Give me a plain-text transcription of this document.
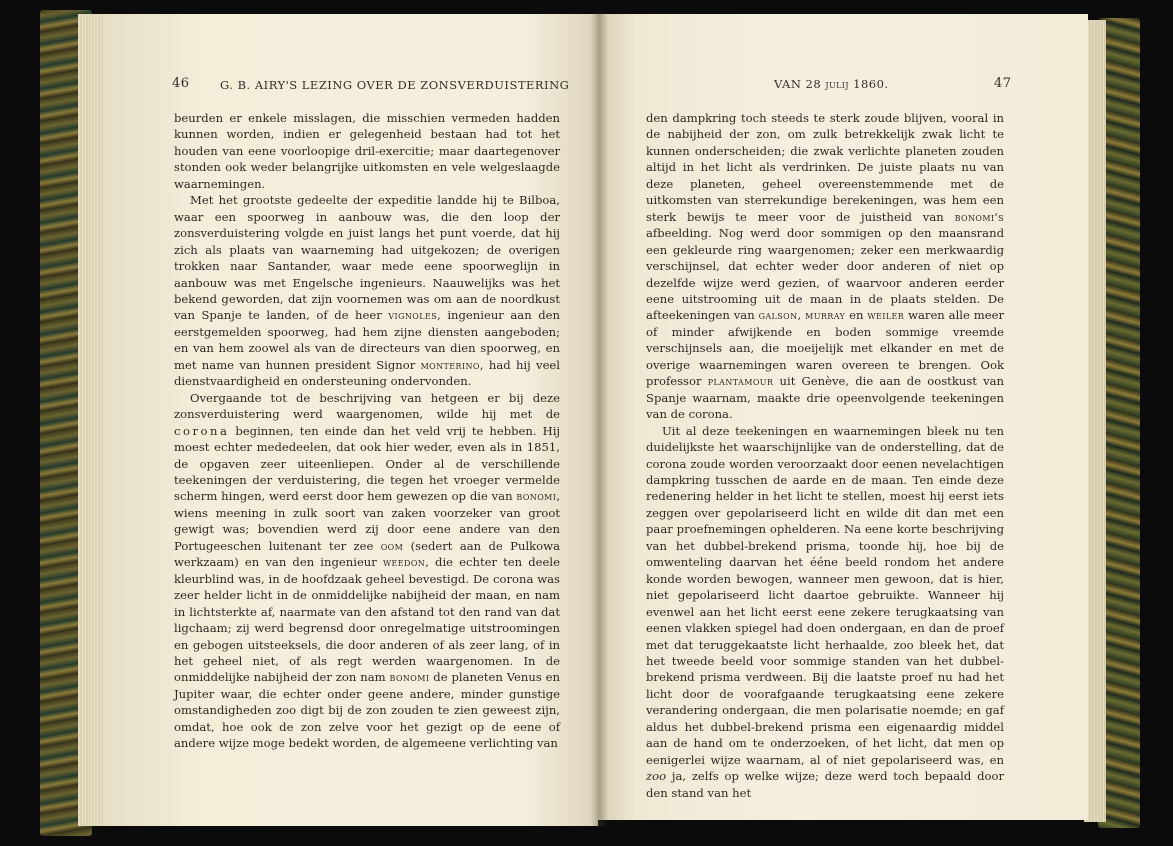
46	G. B. AIRY'S LEZING OVER DE ZONSVERDUISTERING

beurden er enkele misslagen, die misschien vermeden hadden kunnen worden, indien er gelegenheid bestaan had tot het houden van eene voorloopige dril-exercitie; maar daartegenover stonden ook weder belangrijke uitkomsten en vele welgeslaagde waarnemingen.

Met het grootste gedeelte der expeditie landde hij te Bilboa, waar een spoorweg in aanbouw was, die den loop der zonsverduistering volgde en juist langs het punt voerde, dat hij zich als plaats van waarneming had uitgekozen; de overigen trokken naar Santander, waar mede eene spoorweglijn in aanbouw was met Engelsche ingenieurs. Naauwelijks was het bekend geworden, dat zijn voornemen was om aan de noordkust van Spanje te landen, of de heer vignoles, ingenieur aan den eerstgemelden spoorweg, had hem zijne diensten aangeboden; en van hem zoowel als van de directeurs van dien spoorweg, en met name van hunnen president Signor monterino, had hij veel dienstvaardigheid en ondersteuning ondervonden.

Overgaande tot de beschrijving van hetgeen er bij deze zonsverduistering werd waargenomen, wilde hij met de corona beginnen, ten einde dan het veld vrij te hebben. Hij moest echter mededeelen, dat ook hier weder, even als in 1851, de opgaven zeer uiteenliepen. Onder al de verschillende teekeningen der verduistering, die tegen het vroeger vermelde scherm hingen, werd eerst door hem gewezen op die van bonomi, wiens meening in zulk soort van zaken voorzeker van groot gewigt was; bovendien werd zij door eene andere van den Portugeeschen luitenant ter zee oom (sedert aan de Pulkowa werkzaam) en van den ingenieur weedon, die echter ten deele kleurblind was, in de hoofdzaak geheel bevestigd. De corona was zeer helder licht in de onmiddelijke nabijheid der maan, en nam in lichtsterkte af, naarmate van den afstand tot den rand van dat ligchaam; zij werd begrensd door onregelmatige uitstroomingen en gebogen uitsteeksels, die door anderen of als zeer lang, of in het geheel niet, of als regt werden waargenomen. In de onmiddelijke nabijheid der zon nam bonomi de planeten Venus en Jupiter waar, die echter onder geene andere, minder gunstige omstandigheden zoo digt bij de zon zouden te zien geweest zijn, omdat, hoe ook de zon zelve voor het gezigt op de eene of andere wijze moge bedekt worden, de algemeene verlichting van

VAN 28 julij 1860.	47

den dampkring toch steeds te sterk zoude blijven, vooral in de nabijheid der zon, om zulk betrekkelijk zwak licht te kunnen onderscheiden; die zwak verlichte planeten zouden altijd in het licht als verdrinken. De juiste plaats nu van deze planeten, geheel overeenstemmende met de uitkomsten van sterrekundige berekeningen, was hem een sterk bewijs te meer voor de juistheid van bonomi's afbeelding. Nog werd door sommigen op den maansrand een gekleurde ring waargenomen; zeker een merkwaardig verschijnsel, dat echter weder door anderen of niet op dezelfde wijze werd gezien, of waarvoor anderen eerder eene uitstrooming uit de maan in de plaats stelden. De afteekeningen van galson, murray en weiler waren alle meer of minder afwijkende en boden sommige vreemde verschijnsels aan, die moeijelijk met elkander en met de overige waarnemingen waren overeen te brengen. Ook professor plantamour uit Genève, die aan de oostkust van Spanje waarnam, maakte drie opeenvolgende teekeningen van de corona.

Uit al deze teekeningen en waarnemingen bleek nu ten duidelijkste het waarschijnlijke van de onderstelling, dat de corona zoude worden veroorzaakt door eenen nevelachtigen dampkring tusschen de aarde en de maan. Ten einde deze redenering helder in het licht te stellen, moest hij eerst iets zeggen over gepolariseerd licht en wilde dit dan met een paar proefnemingen ophelderen. Na eene korte beschrijving van het dubbel-brekend prisma, toonde hij, hoe bij de omwenteling daarvan het ééne beeld rondom het andere konde worden bewogen, wanneer men gewoon, dat is hier, niet gepolariseerd licht daartoe gebruikte. Wanneer hij evenwel aan het licht eerst eene zekere terugkaatsing van eenen vlakken spiegel had doen ondergaan, en dan de proef met dat teruggekaatste licht herhaalde, zoo bleek het, dat het tweede beeld voor sommige standen van het dubbel-brekend prisma verdween. Bij die laatste proef nu had het licht door de voorafgaande terugkaatsing eene zekere verandering ondergaan, die men polarisatie noemde; en gaf aldus het dubbel-brekend prisma een eigenaardig middel aan de hand om te onderzoeken, of het licht, dat men op eenigerlei wijze waarnam, al of niet gepolariseerd was, en zoo ja, zelfs op welke wijze; deze werd toch bepaald door den stand van het
